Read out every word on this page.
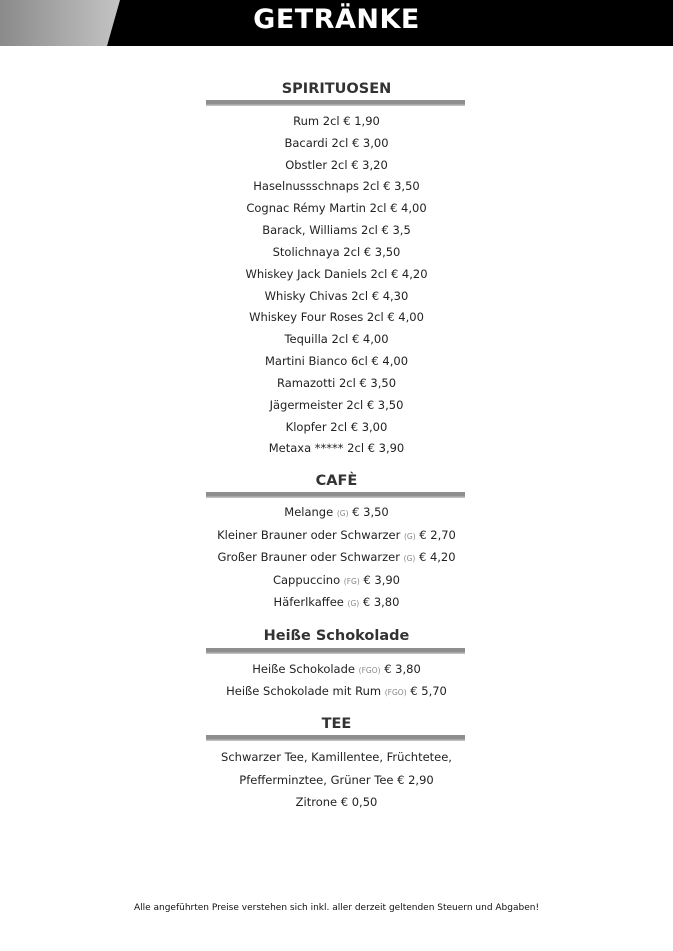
GETRÄNKE
SPIRITUOSEN
Rum 2cl € 1,90
Bacardi 2cl € 3,00
Obstler 2cl € 3,20
Haselnussschnaps 2cl € 3,50
Cognac Rémy Martin 2cl € 4,00
Barack, Williams 2cl € 3,5
Stolichnaya 2cl € 3,50
Whiskey Jack Daniels 2cl € 4,20
Whisky Chivas 2cl € 4,30
Whiskey Four Roses 2cl € 4,00
Tequilla 2cl € 4,00
Martini Bianco 6cl € 4,00
Ramazotti 2cl € 3,50
Jägermeister 2cl € 3,50
Klopfer 2cl € 3,00
Metaxa ***** 2cl € 3,90
CAFÈ
Melange (G) € 3,50
Kleiner Brauner oder Schwarzer (G) € 2,70
Großer Brauner oder Schwarzer (G) € 4,20
Cappuccino (FG) € 3,90
Häferlkaffee (G) € 3,80
Heiße Schokolade
Heiße Schokolade (FGO) € 3,80
Heiße Schokolade mit Rum (FGO) € 5,70
TEE
Schwarzer Tee, Kamillentee, Früchtetee,
Pfefferminztee, Grüner Tee € 2,90
Zitrone € 0,50
Alle angeführten Preise verstehen sich inkl. aller derzeit geltenden Steuern und Abgaben!
